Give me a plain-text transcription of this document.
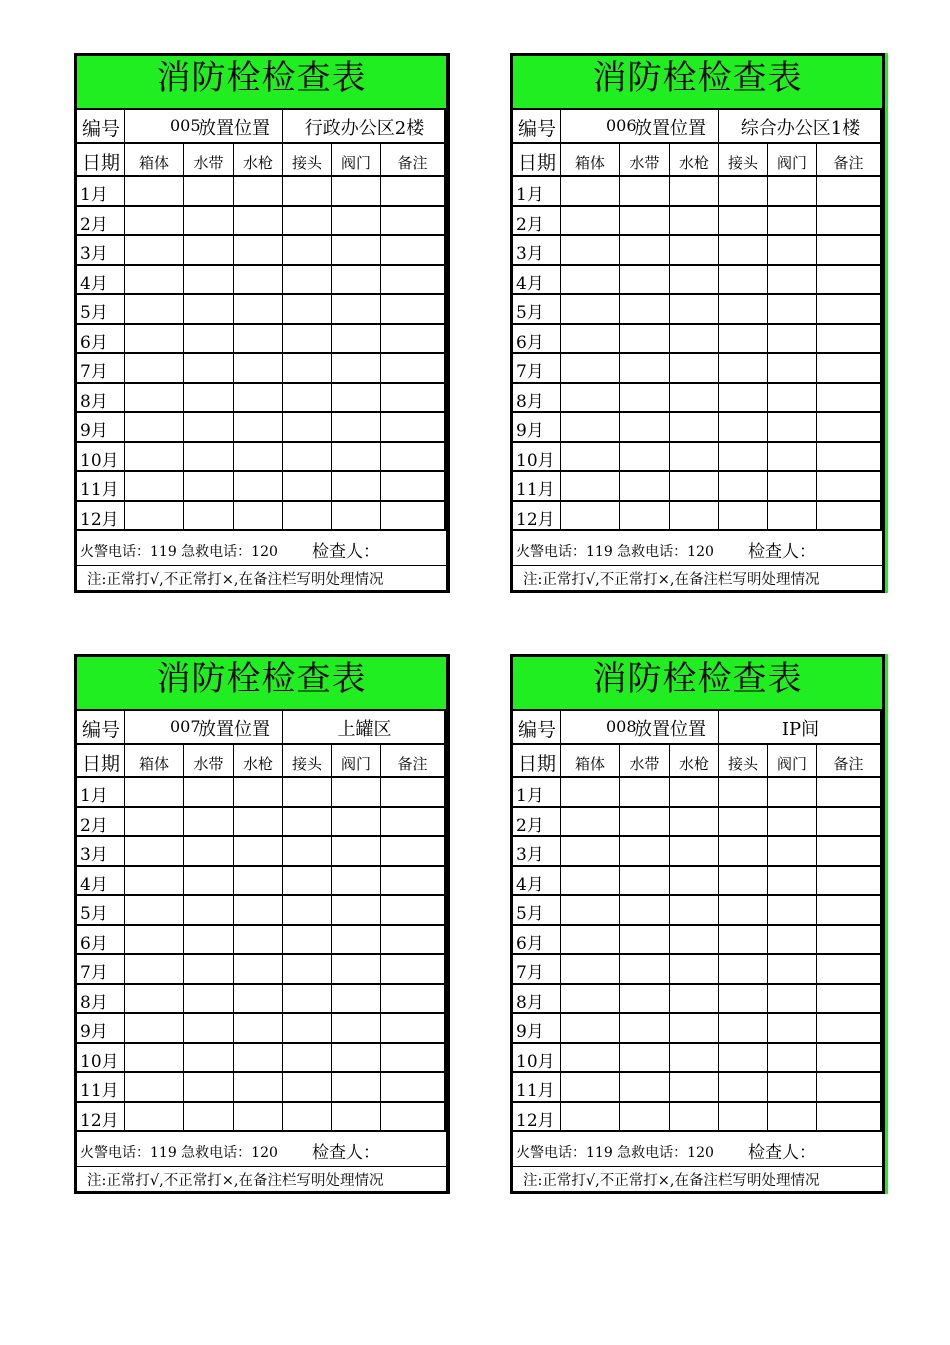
消防栓检查表
编号	005
放置位置	行政办公区2楼
日期	箱体	水带	水枪	接头	阀门	备注
1月
2月
3月
4月
5月
6月
7月
8月
9月
10月
11月
12月
火警电话：119 急救电话：120 检查人：
注:正常打√,不正常打×,在备注栏写明处理情况
消防栓检查表
编号	006
放置位置	综合办公区1楼
日期	箱体	水带	水枪	接头	阀门	备注
1月
2月
3月
4月
5月
6月
7月
8月
9月
10月
11月
12月
火警电话：119 急救电话：120 检查人：
注:正常打√,不正常打×,在备注栏写明处理情况
消防栓检查表
编号	007
放置位置	上罐区
日期	箱体	水带	水枪	接头	阀门	备注
1月
2月
3月
4月
5月
6月
7月
8月
9月
10月
11月
12月
火警电话：119 急救电话：120 检查人：
注:正常打√,不正常打×,在备注栏写明处理情况
消防栓检查表
编号	008
放置位置	IP间
日期	箱体	水带	水枪	接头	阀门	备注
1月
2月
3月
4月
5月
6月
7月
8月
9月
10月
11月
12月
火警电话：119 急救电话：120 检查人：
注:正常打√,不正常打×,在备注栏写明处理情况
